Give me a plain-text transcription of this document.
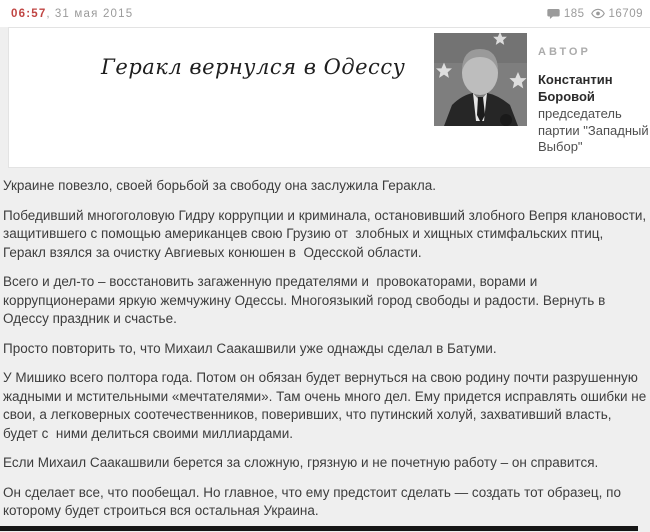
06:57 , 31 мая 2015	185 16709
Геракл вернулся в Одессу
АВТОР
Константин Боровой
председатель партии "Западный Выбор"

Украине повезло, своей борьбой за свободу она заслужила Геракла.

Победивший многоголовую Гидру коррупции и криминала, остановивший злобного Вепря клановости, защитившего с помощью американцев свою Грузию от  злобных и хищных стимфальских птиц, Геракл взялся за очистку Авгиевых конюшен в  Одесской области.

Всего и дел-то – восстановить загаженную предателями и  провокаторами, ворами и коррупционерами яркую жемчужину Одессы. Многоязыкий город свободы и радости. Вернуть в Одессу праздник и счастье.

Просто повторить то, что Михаил Саакашвили уже однажды сделал в Батуми.

У Мишико всего полтора года. Потом он обязан будет вернуться на свою родину почти разрушенную жадными и мстительными «мечтателями». Там очень много дел. Ему придется исправлять ошибки не свои, а легковерных соотечественников, поверивших, что путинский холуй, захвативший власть, будет с  ними делиться своими миллиардами.

Если Михаил Саакашвили берется за сложную, грязную и не почетную работу – он справится.

Он сделает все, что пообещал. Но главное, что ему предстоит сделать — создать тот образец, по которому будет строиться вся остальная Украина.
